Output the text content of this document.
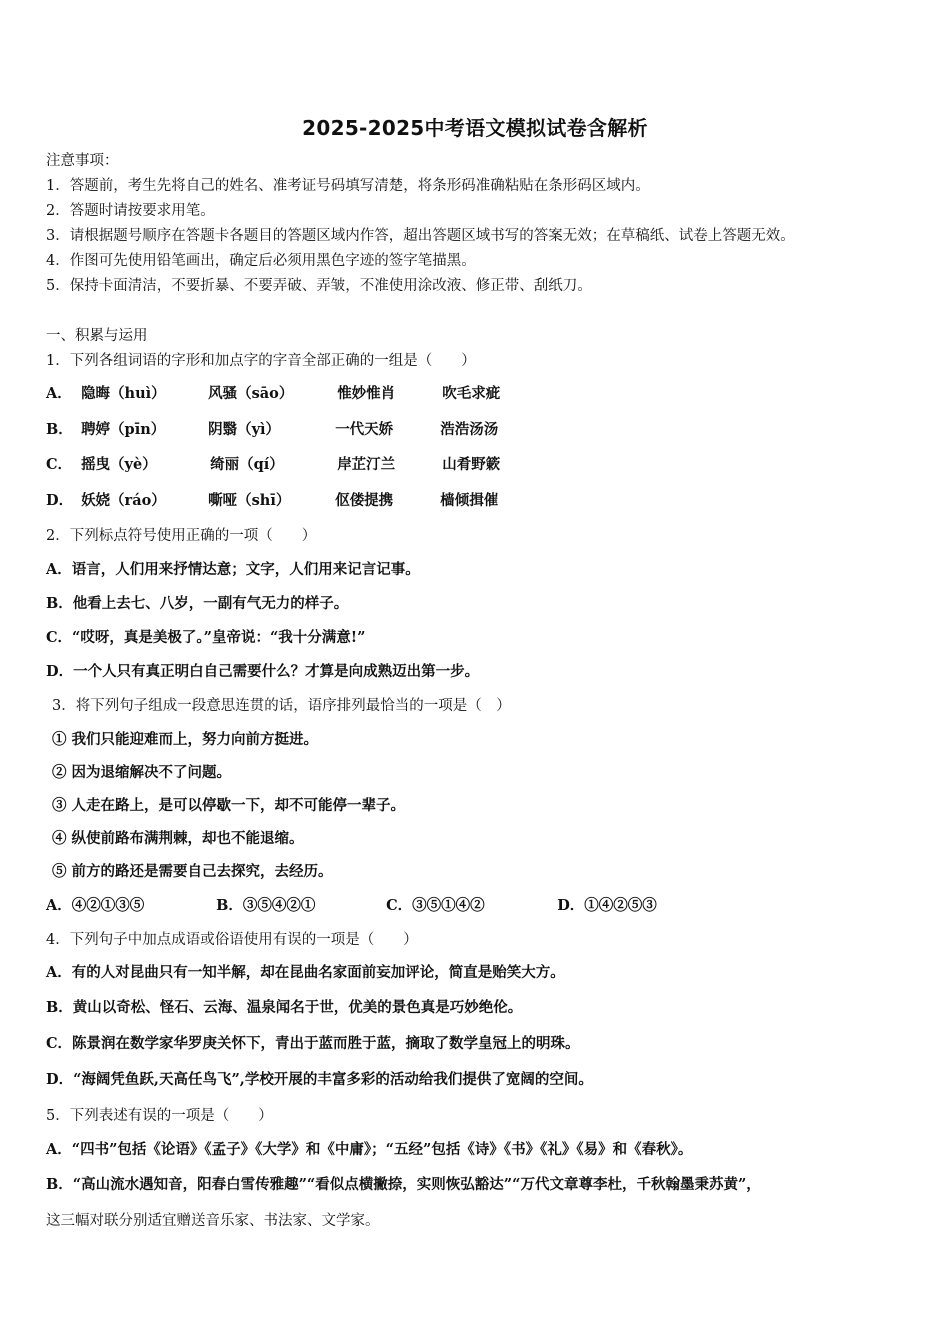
2025-2025中考语文模拟试卷含解析
注意事项：
1．答题前，考生先将自己的姓名、准考证号码填写清楚，将条形码准确粘贴在条形码区域内。
2．答题时请按要求用笔。
3．请根据题号顺序在答题卡各题目的答题区域内作答，超出答题区域书写的答案无效；在草稿纸、试卷上答题无效。
4．作图可先使用铅笔画出，确定后必须用黑色字迹的签字笔描黑。
5．保持卡面清洁，不要折暴、不要弄破、弄皱，不准使用涂改液、修正带、刮纸刀。
一、积累与运用
1．下列各组词语的字形和加点字的字音全部正确的一组是（　　）
A． 隐晦（huì）	风骚（sāo）	惟妙惟肖	吹毛求疵
B． 聘婷（pīn）	阴翳（yì）	一代天娇	浩浩汤汤
C． 摇曳（yè）	绮丽（qí）	岸芷汀兰	山肴野簌
D． 妖娆（ráo）	嘶哑（shī）	伛偻提携	樯倾揖催
2．下列标点符号使用正确的一项（　　）
A．语言，人们用来抒情达意；文字，人们用来记言记事。
B．他看上去七、八岁，一副有气无力的样子。
C．“哎呀，真是美极了。”皇帝说：“我十分满意!”
D．一个人只有真正明白自己需要什么？才算是向成熟迈出第一步。
3．将下列句子组成一段意思连贯的话，语序排列最恰当的一项是（　）
① 我们只能迎难而上，努力向前方挺进。
② 因为退缩解决不了问题。
③ 人走在路上，是可以停歇一下，却不可能停一辈子。
④ 纵使前路布满荆棘，却也不能退缩。
⑤ 前方的路还是需要自己去探究，去经历。
A．④②①③⑤	B．③⑤④②①	C．③⑤①④②	D．①④②⑤③
4．下列句子中加点成语或俗语使用有误的一项是（　　）
A．有的人对昆曲只有一知半解，却在昆曲名家面前妄加评论，简直是贻笑大方。
B．黄山以奇松、怪石、云海、温泉闻名于世，优美的景色真是巧妙绝伦。
C．陈景润在数学家华罗庚关怀下，青出于蓝而胜于蓝，摘取了数学皇冠上的明珠。
D．“海阔凭鱼跃,天高任鸟飞”,学校开展的丰富多彩的活动给我们提供了宽阔的空间。
5．下列表述有误的一项是（　　）
A．“四书”包括《论语》《孟子》《大学》和《中庸》；“五经”包括《诗》《书》《礼》《易》和《春秋》。
B．“高山流水遇知音，阳春白雪传雅趣”“看似点横撇捺，实则恢弘豁达”“万代文章尊李杜，千秋翰墨秉苏黄”，
这三幅对联分别适宜赠送音乐家、书法家、文学家。
